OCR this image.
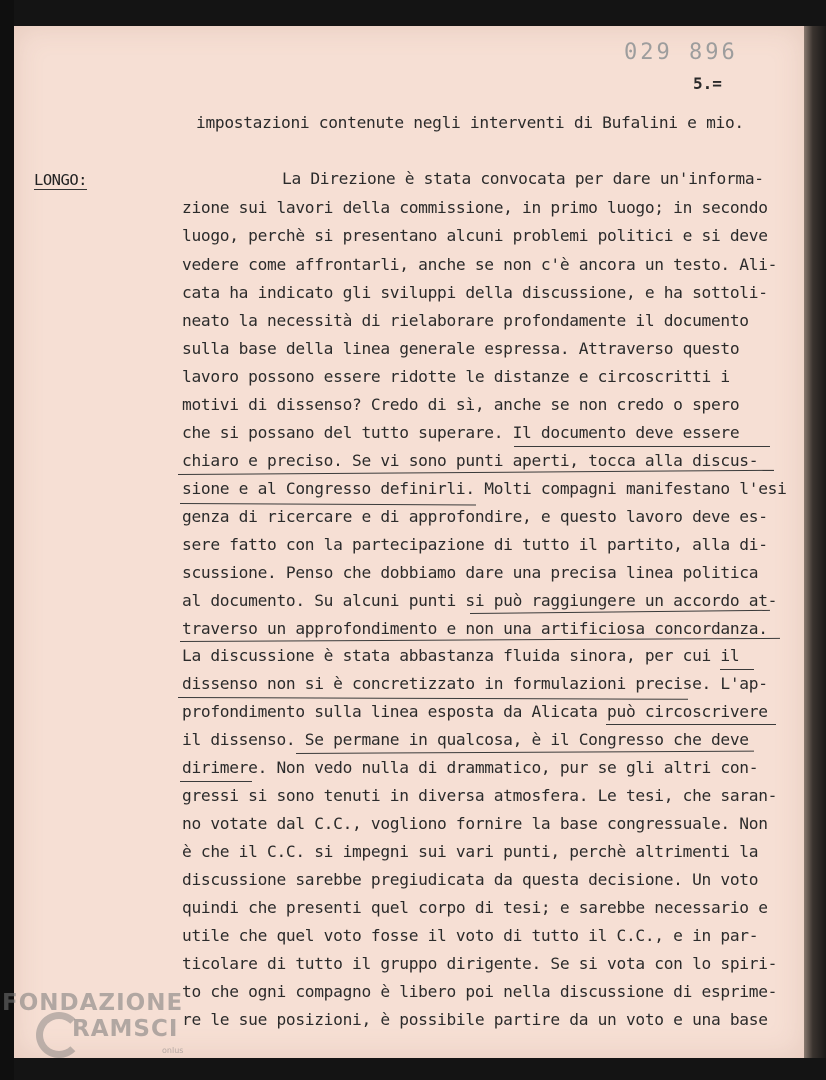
029 896
5.=
LONGO:
impostazioni contenute negli interventi di Bufalini e mio.
La Direzione è stata convocata per dare un'informa-
zione sui lavori della commissione, in primo luogo; in secondo
luogo, perchè si presentano alcuni problemi politici e si deve
vedere come affrontarli, anche se non c'è ancora un testo. Ali-
cata ha indicato gli sviluppi della discussione, e ha sottoli-
neato la necessità di rielaborare profondamente il documento
sulla base della linea generale espressa. Attraverso questo
lavoro possono essere ridotte le distanze e circoscritti i
motivi di dissenso? Credo di sì, anche se non credo o spero
che si possano del tutto superare. Il documento deve essere
chiaro e preciso. Se vi sono punti aperti, tocca alla discus-
sione e al Congresso definirli. Molti compagni manifestano l'esi
genza di ricercare e di approfondire, e questo lavoro deve es-
sere fatto con la partecipazione di tutto il partito, alla di-
scussione. Penso che dobbiamo dare una precisa linea politica
al documento. Su alcuni punti si può raggiungere un accordo at-
traverso un approfondimento e non una artificiosa concordanza.
La discussione è stata abbastanza fluida sinora, per cui il
dissenso non si è concretizzato in formulazioni precise. L'ap-
profondimento sulla linea esposta da Alicata può circoscrivere
il dissenso. Se permane in qualcosa, è il Congresso che deve
dirimere. Non vedo nulla di drammatico, pur se gli altri con-
gressi si sono tenuti in diversa atmosfera. Le tesi, che saran-
no votate dal C.C., vogliono fornire la base congressuale. Non
è che il C.C. si impegni sui vari punti, perchè altrimenti la
discussione sarebbe pregiudicata da questa decisione. Un voto
quindi che presenti quel corpo di tesi; e sarebbe necessario e
utile che quel voto fosse il voto di tutto il C.C., e in par-
ticolare di tutto il gruppo dirigente. Se si vota con lo spiri-
to che ogni compagno è libero poi nella discussione di esprime-
re le sue posizioni, è possibile partire da un voto e una base
FONDAZIONE
RAMSCI
onlus
